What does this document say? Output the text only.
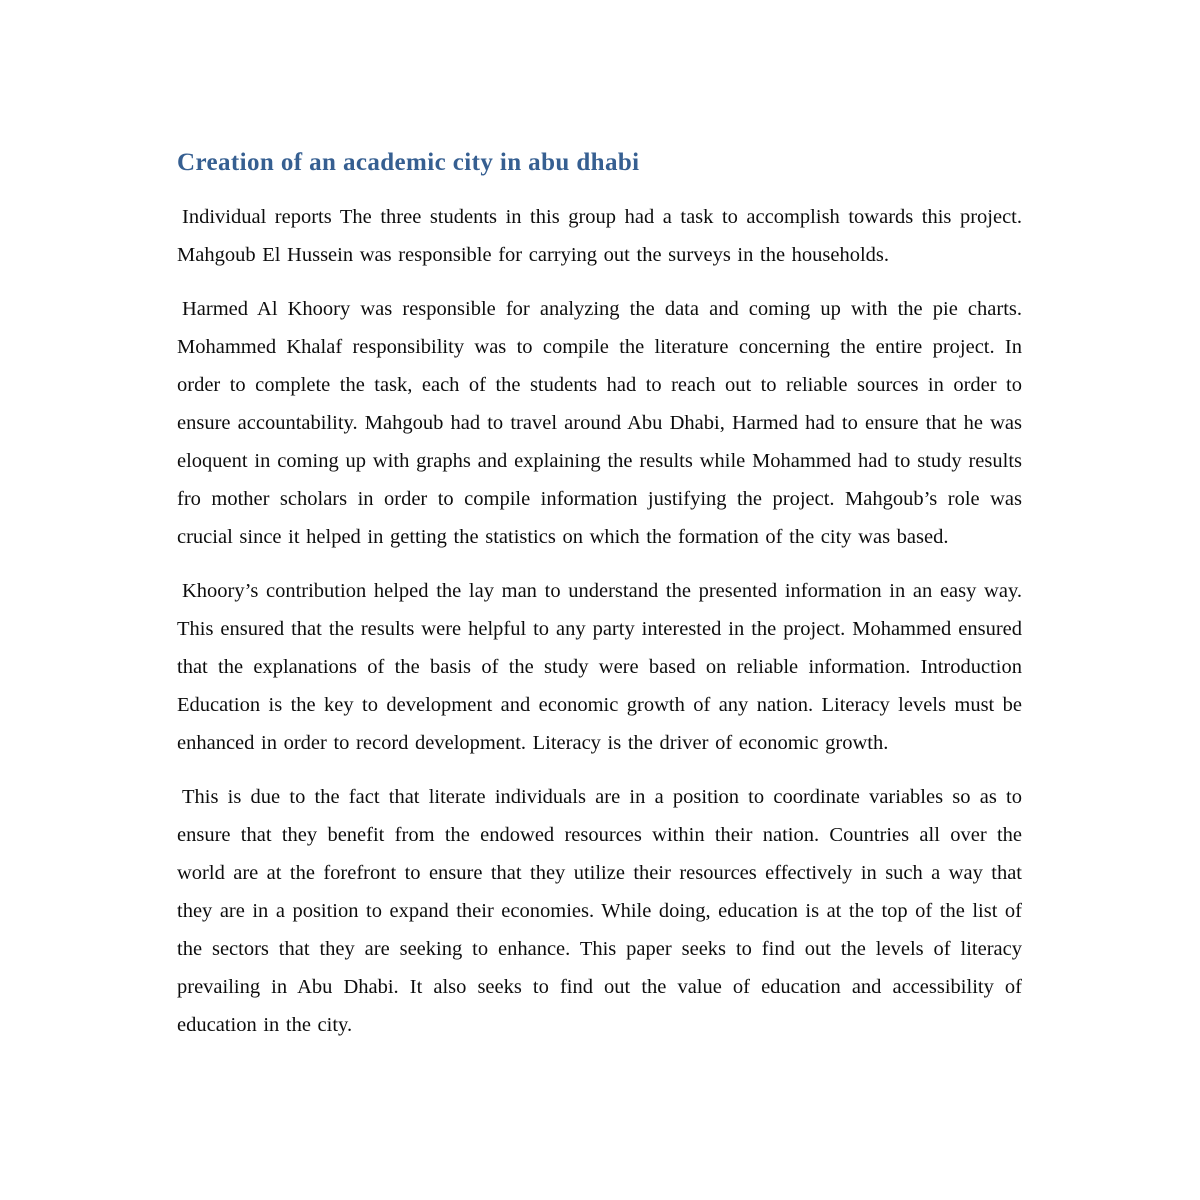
Creation of an academic city in abu dhabi

Individual reports The three students in this group had a task to accomplish towards this project. Mahgoub El Hussein was responsible for carrying out the surveys in the households.

Harmed Al Khoory was responsible for analyzing the data and coming up with the pie charts. Mohammed Khalaf responsibility was to compile the literature concerning the entire project. In order to complete the task, each of the students had to reach out to reliable sources in order to ensure accountability. Mahgoub had to travel around Abu Dhabi, Harmed had to ensure that he was eloquent in coming up with graphs and explaining the results while Mohammed had to study results fro mother scholars in order to compile information justifying the project. Mahgoub’s role was crucial since it helped in getting the statistics on which the formation of the city was based.

Khoory’s contribution helped the lay man to understand the presented information in an easy way. This ensured that the results were helpful to any party interested in the project. Mohammed ensured that the explanations of the basis of the study were based on reliable information. Introduction Education is the key to development and economic growth of any nation. Literacy levels must be enhanced in order to record development. Literacy is the driver of economic growth.

This is due to the fact that literate individuals are in a position to coordinate variables so as to ensure that they benefit from the endowed resources within their nation. Countries all over the world are at the forefront to ensure that they utilize their resources effectively in such a way that they are in a position to expand their economies. While doing, education is at the top of the list of the sectors that they are seeking to enhance. This paper seeks to find out the levels of literacy prevailing in Abu Dhabi. It also seeks to find out the value of education and accessibility of education in the city.
